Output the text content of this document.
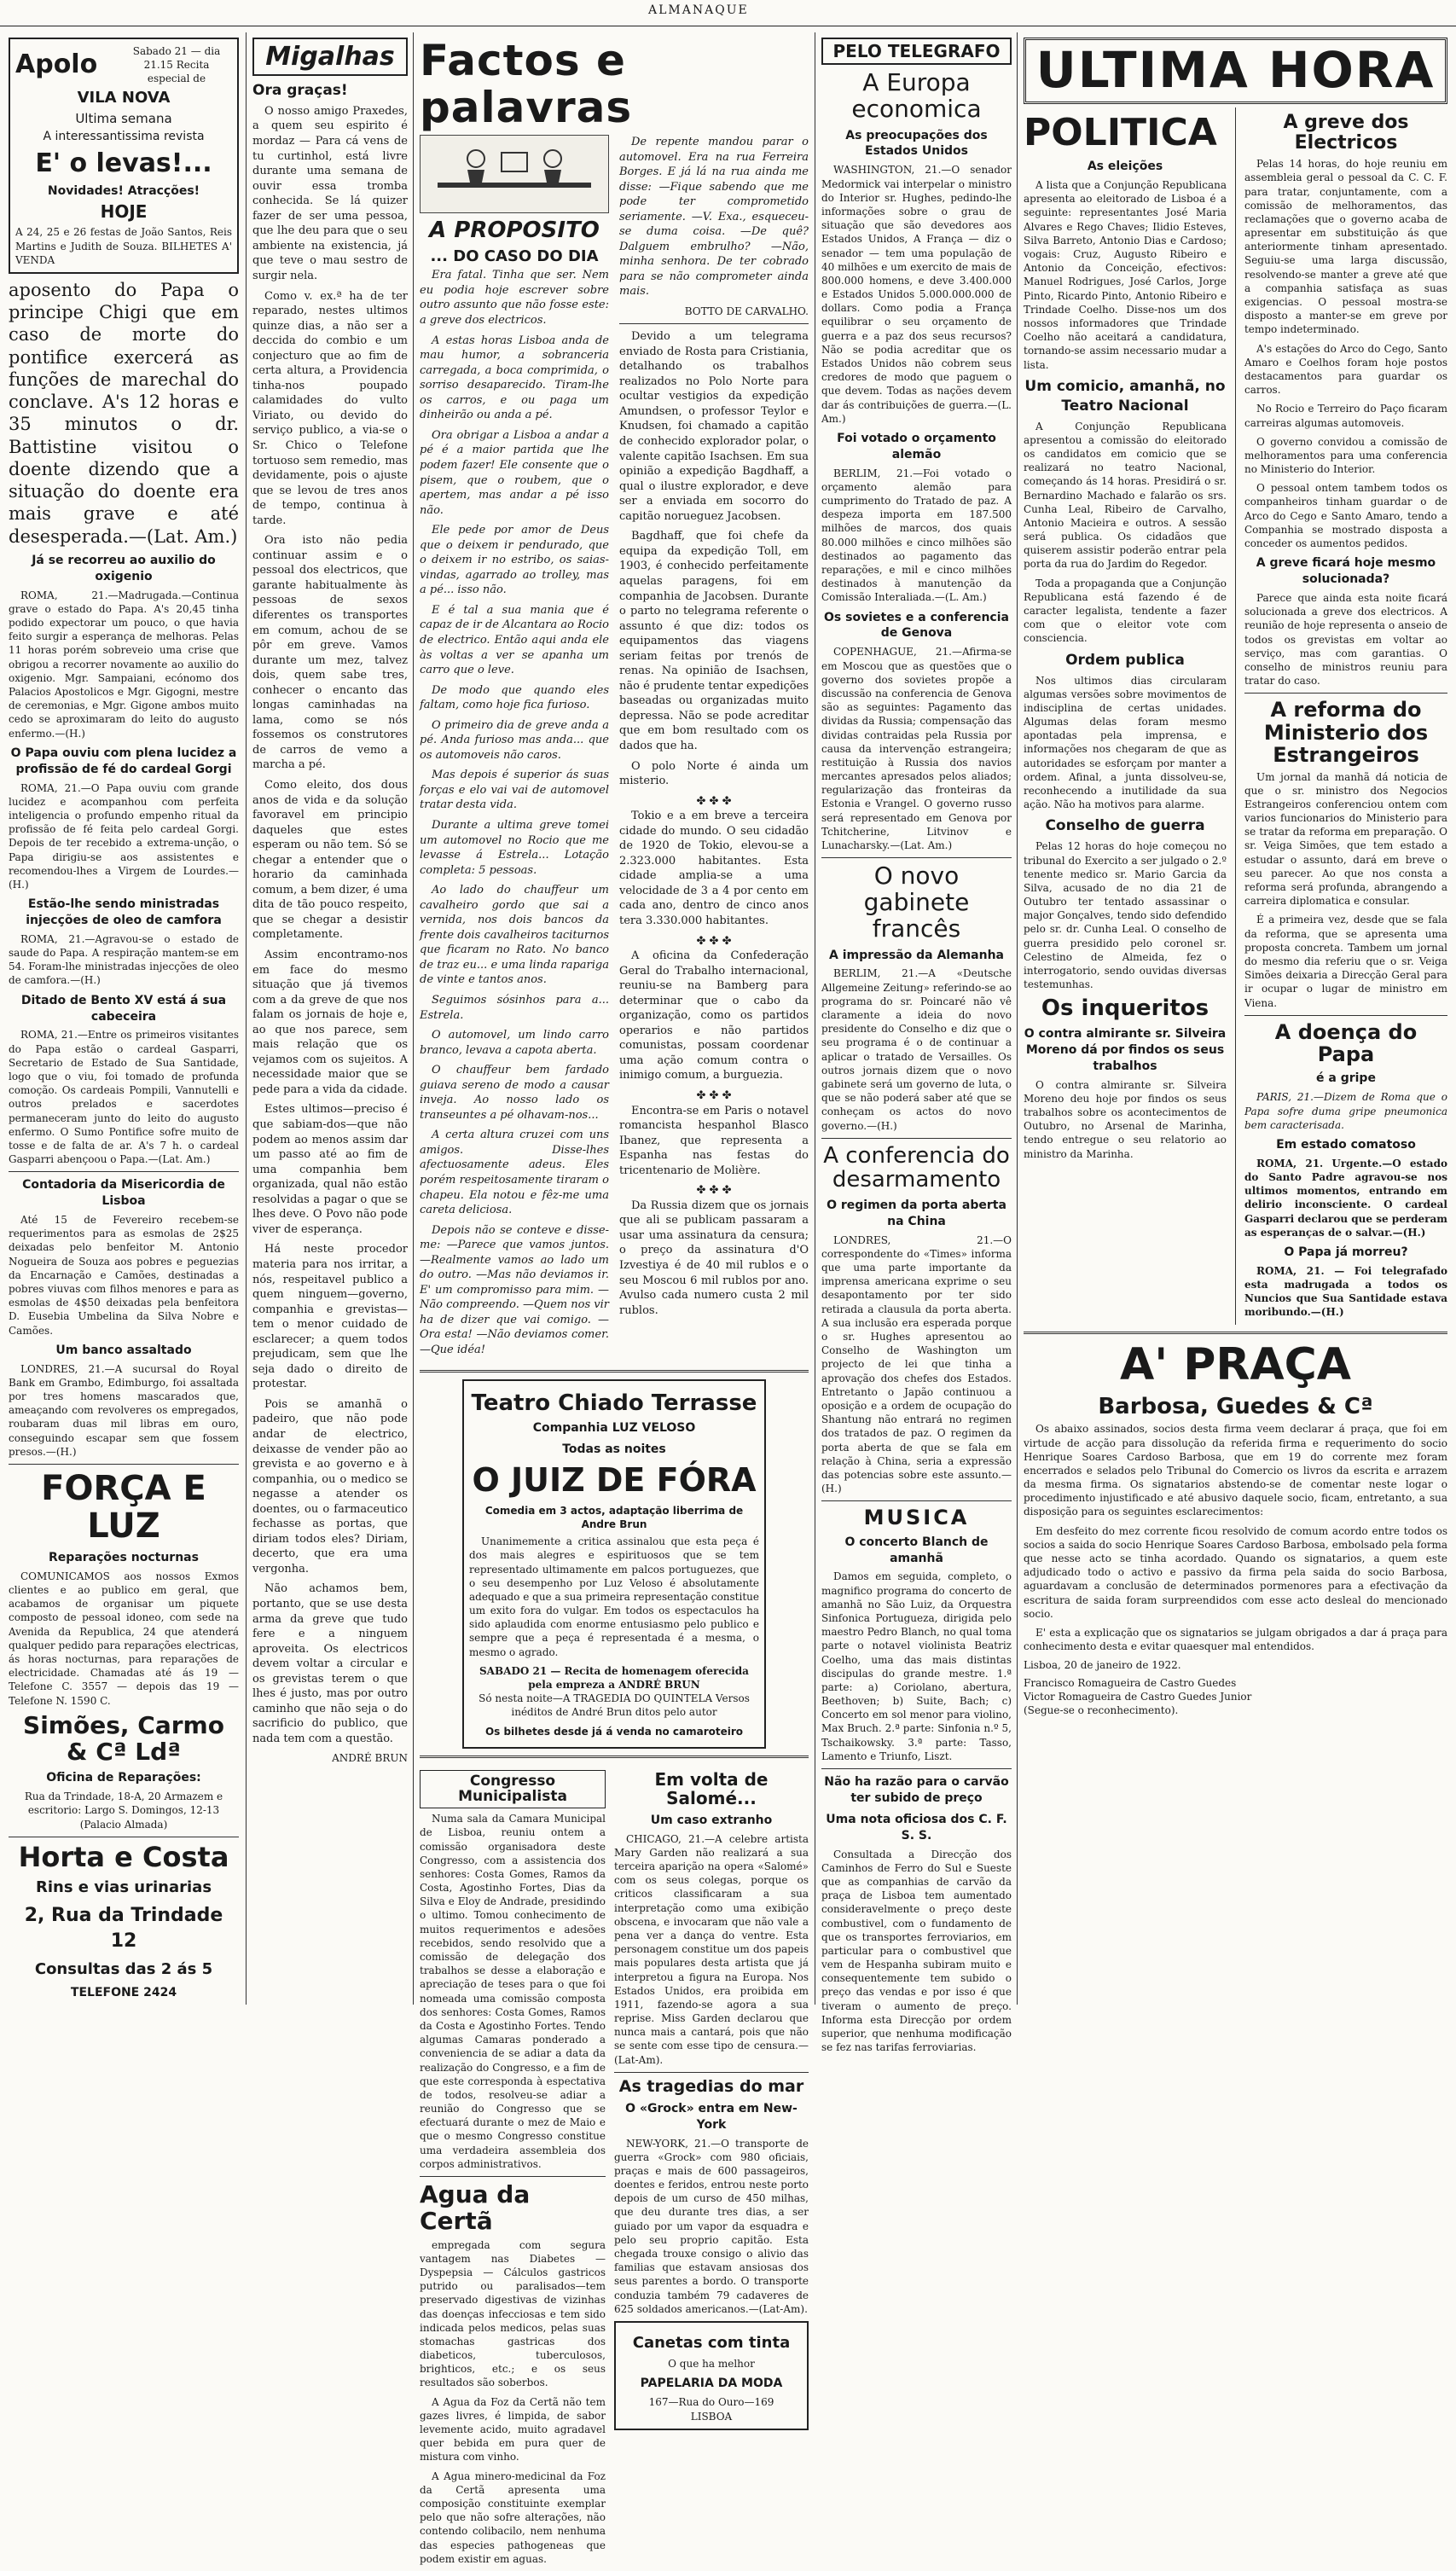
ALMANAQUE
Apolo	Sabado 21 — dia 21.15 Recita especial de
VILA NOVA
Ultima semana
A interessantissima revista
E' o levas!...
Novidades! Atracções!
HOJE
A 24, 25 e 26 festas de João Santos, Reis Martins e Judith de Souza. BILHETES A' VENDA

aposento do Papa o principe Chigi que em caso de morte do pontifice exercerá as funções de marechal do conclave. A's 12 horas e 35 minutos o dr. Battistine visitou o doente dizendo que a situação do doente era mais grave e até desesperada.—(Lat. Am.)

Já se recorreu ao auxilio do oxigenio

ROMA, 21.—Madrugada.—Continua grave o estado do Papa. A's 20,45 tinha podido expectorar um pouco, o que havia feito surgir a esperança de melhoras. Pelas 11 horas porém sobreveio uma crise que obrigou a recorrer novamente ao auxilio do oxigenio. Mgr. Sampaiani, ecónomo dos Palacios Apostolicos e Mgr. Gigogni, mestre de ceremonias, e Mgr. Gigone ambos muito cedo se aproximaram do leito do augusto enfermo.—(H.)

O Papa ouviu com plena lucidez a profissão de fé do cardeal Gorgi

ROMA, 21.—O Papa ouviu com grande lucidez e acompanhou com perfeita inteligencia o profundo empenho ritual da profissão de fé feita pelo cardeal Gorgi. Depois de ter recebido a extrema-unção, o Papa dirigiu-se aos assistentes e recomendou-lhes a Virgem de Lourdes.—(H.)

Estão-lhe sendo ministradas injecções de oleo de camfora

ROMA, 21.—Agravou-se o estado de saude do Papa. A respiração mantem-se em 54. Foram-lhe ministradas injecções de oleo de camfora.—(H.)

Ditado de Bento XV está á sua cabeceira

ROMA, 21.—Entre os primeiros visitantes do Papa estão o cardeal Gasparri, Secretario de Estado de Sua Santidade, logo que o viu, foi tomado de profunda comoção. Os cardeais Pompili, Vannutelli e outros prelados e sacerdotes permaneceram junto do leito do augusto enfermo. O Sumo Pontifice sofre muito de tosse e de falta de ar. A's 7 h. o cardeal Gasparri abençoou o Papa.—(Lat. Am.)

Contadoria da Misericordia de Lisboa

Até 15 de Fevereiro recebem-se requerimentos para as esmolas de 2$25 deixadas pelo benfeitor M. Antonio Nogueira de Souza aos pobres e peguezias da Encarnação e Camões, destinadas a pobres viuvas com filhos menores e para as esmolas de 4$50 deixadas pela benfeitora D. Eusebia Umbelina da Silva Nobre e Camões.

Um banco assaltado

LONDRES, 21.—A sucursal do Royal Bank em Grambo, Edimburgo, foi assaltada por tres homens mascarados que, ameaçando com revolveres os empregados, roubaram duas mil libras em ouro, conseguindo escapar sem que fossem presos.—(H.)

FORÇA E LUZ
Reparações nocturnas

COMUNICAMOS aos nossos Exmos clientes e ao publico em geral, que acabamos de organisar um piquete composto de pessoal idoneo, com sede na Avenida da Republica, 24 que atenderá qualquer pedido para reparações electricas, ás horas nocturnas, para reparações de electricidade. Chamadas até ás 19 — Telefone C. 3557 — depois das 19 — Telefone N. 1590 C.

Simões, Carmo & Cª Ldª
Oficina de Reparações:

Rua da Trindade, 18-A, 20 Armazem e escritorio: Largo S. Domingos, 12-13 (Palacio Almada)

Horta e Costa
Rins e vias urinarias
2, Rua da Trindade 12
Consultas das 2 ás 5
TELEFONE 2424
Migalhas
Ora graças!

O nosso amigo Praxedes, a quem seu espirito é mordaz — Para cá vens de tu curtinhol, está livre durante uma semana de ouvir essa tromba conhecida. Se lá quizer fazer de ser uma pessoa, que lhe deu para que o seu ambiente na existencia, já que teve o mau sestro de surgir nela.

Como v. ex.ª ha de ter reparado, nestes ultimos quinze dias, a não ser a deccida do combio e um conjecturo que ao fim de certa altura, a Providencia tinha-nos poupado calamidades do vulto Viriato, ou devido do serviço publico, a via-se o Sr. Chico o Telefone tortuoso sem remedio, mas devidamente, pois o ajuste que se levou de tres anos de tempo, continua à tarde.

Ora isto não pedia continuar assim e o pessoal dos electricos, que garante habitualmente às pessoas de sexos diferentes os transportes em comum, achou de se pôr em greve. Vamos durante um mez, talvez dois, quem sabe tres, conhecer o encanto das longas caminhadas na lama, como se nós fossemos os construtores de carros de vemo a marcha a pé.

Como eleito, dos dous anos de vida e da solução favoravel em principio daqueles que estes esperam ou não tem. Só se chegar a entender que o horario da caminhada comum, a bem dizer, é uma dita de tão pouco respeito, que se chegar a desistir completamente.

Assim encontramo-nos em face do mesmo situação que já tivemos com a da greve de que nos falam os jornais de hoje e, ao que nos parece, sem mais relação que os vejamos com os sujeitos. A necessidade maior que se pede para a vida da cidade.

Estes ultimos—preciso é que sabiam-dos—que não podem ao menos assim dar um passo até ao fim de uma companhia bem organizada, qual não estão resolvidas a pagar o que se lhes deve. O Povo não pode viver de esperança.

Há neste procedor materia para nos irritar, a nós, respeitavel publico a quem ninguem—governo, companhia e grevistas—tem o menor cuidado de esclarecer; a quem todos prejudicam, sem que lhe seja dado o direito de protestar.

Pois se amanhã o padeiro, que não pode andar de electrico, deixasse de vender pão ao grevista e ao governo e à companhia, ou o medico se negasse a atender os doentes, ou o farmaceutico fechasse as portas, que diriam todos eles? Diriam, decerto, que era uma vergonha.

Não achamos bem, portanto, que se use desta arma da greve que tudo fere e a ninguem aproveita. Os electricos devem voltar a circular e os grevistas terem o que lhes é justo, mas por outro caminho que não seja o do sacrificio do publico, que nada tem com a questão.

ANDRÉ BRUN
Factos e palavras
A PROPOSITO
... DO CASO DO DIA

Era fatal. Tinha que ser. Nem eu podia hoje escrever sobre outro assunto que não fosse este: a greve dos electricos.

A estas horas Lisboa anda de mau humor, a sobranceria carregada, a boca comprimida, o sorriso desaparecido. Tiram-lhe os carros, e ou paga um dinheirão ou anda a pé.

Ora obrigar a Lisboa a andar a pé é a maior partida que lhe podem fazer! Ele consente que o pisem, que o roubem, que o apertem, mas andar a pé isso não.

Ele pede por amor de Deus que o deixem ir pendurado, que o deixem ir no estribo, os saias-vindas, agarrado ao trolley, mas a pé... isso não.

E é tal a sua mania que é capaz de ir de Alcantara ao Rocio de electrico. Então aqui anda ele às voltas a ver se apanha um carro que o leve.

De modo que quando eles faltam, como hoje fica furioso.

O primeiro dia de greve anda a pé. Anda furioso mas anda... que os automoveis não caros.

Mas depois é superior ás suas forças e elo vai vai de automovel tratar desta vida.

Durante a ultima greve tomei um automovel no Rocio que me levasse á Estrela... Lotação completa: 5 pessoas.

Ao lado do chauffeur um cavalheiro gordo que sai a vernida, nos dois bancos da frente dois cavalheiros taciturnos que ficaram no Rato. No banco de traz eu... e uma linda rapariga de vinte e tantos anos.

Seguimos sósinhos para a... Estrela.

O automovel, um lindo carro branco, levava a capota aberta.

O chauffeur bem fardado guiava sereno de modo a causar inveja. Ao nosso lado os transeuntes a pé olhavam-nos...

A certa altura cruzei com uns amigos. Disse-lhes afectuosamente adeus. Eles porém respeitosamente tiraram o chapeu. Ela notou e fêz-me uma careta deliciosa.

Depois não se conteve e disse-me: —Parece que vamos juntos. —Realmente vamos ao lado um do outro. —Mas não deviamos ir. E' um compromisso para mim. —Não compreendo. —Quem nos vir ha de dizer que vai comigo. —Ora esta! —Não deviamos comer. —Que idéa!

De repente mandou parar o automovel. Era na rua Ferreira Borges. E já lá na rua ainda me disse: —Fique sabendo que me pode ter comprometido seriamente. —V. Exa., esqueceu-se duma coisa. —De quê? Dalguem embrulho? —Não, minha senhora. De ter cobrado para se não comprometer ainda mais.

BOTTO DE CARVALHO.

Devido a um telegrama enviado de Rosta para Cristiania, detalhando os trabalhos realizados no Polo Norte para ocultar vestigios da expedição Amundsen, o professor Teylor e Knudsen, foi chamado a capitão de conhecido explorador polar, o valente capitão Isachsen. Em sua opinião a expedição Bagdhaff, a qual o ilustre explorador, e deve ser a enviada em socorro do capitão norueguez Jacobsen.

Bagdhaff, que foi chefe da equipa da expedição Toll, em 1903, é conhecido perfeitamente aquelas paragens, foi em companhia de Jacobsen. Durante o parto no telegrama referente o assunto é que diz: todos os equipamentos das viagens seriam feitas por trenós de renas. Na opinião de Isachsen, não é prudente tentar expedições baseadas ou organizadas muito depressa. Não se pode acreditar que em bom resultado com os dados que ha.

O polo Norte é ainda um misterio.

✤ ✤ ✤

Tokio e a em breve a terceira cidade do mundo. O seu cidadão de 1920 de Tokio, elevou-se a 2.323.000 habitantes. Esta cidade amplia-se a uma velocidade de 3 a 4 por cento em cada ano, dentro de cinco anos tera 3.330.000 habitantes.

✤ ✤ ✤

A oficina da Confederação Geral do Trabalho internacional, reuniu-se na Bamberg para determinar que o cabo da organização, como os partidos operarios e não partidos comunistas, possam coordenar uma ação comum contra o inimigo comum, a burguezia.

✤ ✤ ✤

Encontra-se em Paris o notavel romancista hespanhol Blasco Ibanez, que representa a Espanha nas festas do tricentenario de Molière.

✤ ✤ ✤

Da Russia dizem que os jornais que ali se publicam passaram a usar uma assinatura da censura; o preço da assinatura d'O Izvestiya é de 40 mil rublos e o seu Moscou 6 mil rublos por ano. Avulso cada numero custa 2 mil rublos.

Teatro Chiado Terrasse
Companhia LUZ VELOSO
Todas as noites
O JUIZ DE FÓRA
Comedia em 3 actos, adaptação liberrima de Andre Brun

Unanimemente a critica assinalou que esta peça é dos mais alegres e espirituosos que se tem representado ultimamente em palcos portuguezes, que o seu desempenho por Luz Veloso é absolutamente adequado e que a sua primeira representação constitue um exito fora do vulgar. Em todos os espectaculos ha sido aplaudida com enorme entusiasmo pelo publico e sempre que a peça é representada é a mesma, o mesmo o agrado.

SABADO 21 — Recita de homenagem oferecida pela empreza a ANDRÉ BRUN
Só nesta noite—A TRAGEDIA DO QUINTELA Versos inéditos de André Brun ditos pelo autor
Os bilhetes desde já á venda no camaroteiro
Congresso Municipalista

Numa sala da Camara Municipal de Lisboa, reuniu ontem a comissão organisadora deste Congresso, com a assistencia dos senhores: Costa Gomes, Ramos da Costa, Agostinho Fortes, Dias da Silva e Eloy de Andrade, presidindo o ultimo. Tomou conhecimento de muitos requerimentos e adesões recebidos, sendo resolvido que a comissão de delegação dos trabalhos se desse a elaboração e apreciação de teses para o que foi nomeada uma comissão composta dos senhores: Costa Gomes, Ramos da Costa e Agostinho Fortes. Tendo algumas Camaras ponderado a conveniencia de se adiar a data da realização do Congresso, e a fim de que este corresponda à espectativa de todos, resolveu-se adiar a reunião do Congresso que se efectuará durante o mez de Maio e que o mesmo Congresso constitue uma verdadeira assembleia dos corpos administrativos.

Agua da Certã

empregada com segura vantagem nas Diabetes — Dyspepsia — Cálculos gastricos putrido ou paralisados—tem preservado digestivas de vizinhas das doenças infecciosas e tem sido indicada pelos medicos, pelas suas stomachas gastricas dos diabeticos, tuberculosos, brighticos, etc.; e os seus resultados são soberbos.

A Agua da Foz da Certã não tem gazes livres, é limpida, de sabor levemente acido, muito agradavel quer bebida em pura quer de mistura com vinho.

A Agua minero-medicinal da Foz da Certã apresenta uma composição constituinte exemplar pelo que não sofre alterações, não contendo colibacilo, nem nenhuma das especies pathogeneas que podem existir em aguas.

Em volta de Salomé...
Um caso extranho

CHICAGO, 21.—A celebre artista Mary Garden não realizará a sua terceira aparição na opera «Salomé» com os seus colegas, porque os criticos classificaram a sua interpretação como uma exibição obscena, e invocaram que não vale a pena ver a dança do ventre. Esta personagem constitue um dos papeis mais populares desta artista que já interpretou a figura na Europa. Nos Estados Unidos, era proibida em 1911, fazendo-se agora a sua reprise. Miss Garden declarou que nunca mais a cantará, pois que não se sente com esse tipo de censura.—(Lat-Am).

As tragedias do mar
O «Grock» entra em New-York

NEW-YORK, 21.—O transporte de guerra «Grock» com 980 oficiais, praças e mais de 600 passageiros, doentes e feridos, entrou neste porto depois de um curso de 450 milhas, que deu durante tres dias, a ser guiado por um vapor da esquadra e pelo seu proprio capitão. Esta chegada trouxe consigo o alivio das familias que estavam ansiosas dos seus parentes a bordo. O transporte conduzia também 79 cadaveres de 625 soldados americanos.—(Lat-Am).

Canetas com tinta
O que ha melhor
PAPELARIA DA MODA
167—Rua do Ouro—169
LISBOA
PELO TELEGRAFO
A Europa economica
As preocupações dos Estados Unidos

WASHINGTON, 21.—O senador Medormick vai interpelar o ministro do Interior sr. Hughes, pedindo-lhe informações sobre o grau de situação que são devedores aos Estados Unidos, A França — diz o senador — tem uma população de 40 milhões e um exercito de mais de 800.000 homens, e deve 3.400.000 e Estados Unidos 5.000.000.000 de dollars. Como podia a França equilibrar o seu orçamento de guerra e a paz dos seus recursos? Não se podia acreditar que os Estados Unidos não cobrem seus credores de modo que paguem o que devem. Todas as nações devem dar ás contribuições de guerra.—(L. Am.)

Foi votado o orçamento alemão

BERLIM, 21.—Foi votado o orçamento alemão para cumprimento do Tratado de paz. A despeza importa em 187.500 milhões de marcos, dos quais 80.000 milhões e cinco milhões são destinados ao pagamento das reparações, e mil e cinco milhões destinados à manutenção da Comissão Interaliada.—(L. Am.)

Os sovietes e a conferencia de Genova

COPENHAGUE, 21.—Afirma-se em Moscou que as questões que o governo dos sovietes propõe a discussão na conferencia de Genova são as seguintes: Pagamento das dividas da Russia; compensação das dividas contraidas pela Russia por causa da intervenção estrangeira; restituição à Russia dos navios mercantes apresados pelos aliados; regularização das fronteiras da Estonia e Vrangel. O governo russo será representado em Genova por Tchitcherine, Litvinov e Lunacharsky.—(Lat. Am.)

O novo gabinete francês
A impressão da Alemanha

BERLIM, 21.—A «Deutsche Allgemeine Zeitung» referindo-se ao programa do sr. Poincaré não vê claramente a ideia do novo presidente do Conselho e diz que o seu programa é o de continuar a aplicar o tratado de Versailles. Os outros jornais dizem que o novo gabinete será um governo de luta, o que se não poderá saber até que se conheçam os actos do novo governo.—(H.)

A conferencia do desarmamento
O regimen da porta aberta na China

LONDRES, 21.—O correspondente do «Times» informa que uma parte importante da imprensa americana exprime o seu desapontamento por ter sido retirada a clausula da porta aberta. A sua inclusão era esperada porque o sr. Hughes apresentou ao Conselho de Washington um projecto de lei que tinha a aprovação dos chefes dos Estados. Entretanto o Japão continuou a oposição e a ordem de ocupação do Shantung não entrará no regimen dos tratados de paz. O regimen da porta aberta de que se fala em relação à China, seria a expressão das potencias sobre este assunto.—(H.)

MUSICA
O concerto Blanch de amanhã

Damos em seguida, completo, o magnifico programa do concerto de amanhã no São Luiz, da Orquestra Sinfonica Portugueza, dirigida pelo maestro Pedro Blanch, no qual toma parte o notavel violinista Beatriz Coelho, uma das mais distintas discipulas do grande mestre. 1.ª parte: a) Coriolano, abertura, Beethoven; b) Suite, Bach; c) Concerto em sol menor para violino, Max Bruch. 2.ª parte: Sinfonia n.º 5, Tschaikowsky. 3.ª parte: Tasso, Lamento e Triunfo, Liszt.

Não ha razão para o carvão ter subido de preço
Uma nota oficiosa dos C. F. S. S.

Consultada a Direcção dos Caminhos de Ferro do Sul e Sueste que as companhias de carvão da praça de Lisboa tem aumentado consideravelmente o preço deste combustivel, com o fundamento de que os transportes ferroviarios, em particular para o combustivel que vem de Hespanha subiram muito e consequentemente tem subido o preço das vendas e por isso é que tiveram o aumento de preço. Informa esta Direcção por ordem superior, que nenhuma modificação se fez nas tarifas ferroviarias.

ULTIMA HORA
POLITICA
As eleições

A lista que a Conjunção Republicana apresenta ao eleitorado de Lisboa é a seguinte: representantes José Maria Alvares e Rego Chaves; Ilidio Esteves, Silva Barreto, Antonio Dias e Cardoso; vogais: Cruz, Augusto Ribeiro e Antonio da Conceição, efectivos: Manuel Rodrigues, José Carlos, Jorge Pinto, Ricardo Pinto, Antonio Ribeiro e Trindade Coelho. Disse-nos um dos nossos informadores que Trindade Coelho não aceitará a candidatura, tornando-se assim necessario mudar a lista.

Um comicio, amanhã, no Teatro Nacional

A Conjunção Republicana apresentou a comissão do eleitorado os candidatos em comicio que se realizará no teatro Nacional, começando ás 14 horas. Presidirá o sr. Bernardino Machado e falarão os srs. Cunha Leal, Ribeiro de Carvalho, Antonio Macieira e outros. A sessão será publica. Os cidadãos que quiserem assistir poderão entrar pela porta da rua do Jardim do Regedor.

Toda a propaganda que a Conjunção Republicana está fazendo é de caracter legalista, tendente a fazer com que o eleitor vote com consciencia.

Ordem publica

Nos ultimos dias circularam algumas versões sobre movimentos de indisciplina de certas unidades. Algumas delas foram mesmo apontadas pela imprensa, e informações nos chegaram de que as autoridades se esforçam por manter a ordem. Afinal, a junta dissolveu-se, reconhecendo a inutilidade da sua ação. Não ha motivos para alarme.

Conselho de guerra

Pelas 12 horas do hoje começou no tribunal do Exercito a ser julgado o 2.º tenente medico sr. Mario Garcia da Silva, acusado de no dia 21 de Outubro ter tentado assassinar o major Gonçalves, tendo sido defendido pelo sr. dr. Cunha Leal. O conselho de guerra presidido pelo coronel sr. Celestino de Almeida, fez o interrogatorio, sendo ouvidas diversas testemunhas.

Os inqueritos
O contra almirante sr. Silveira Moreno dá por findos os seus trabalhos

O contra almirante sr. Silveira Moreno deu hoje por findos os seus trabalhos sobre os acontecimentos de Outubro, no Arsenal de Marinha, tendo entregue o seu relatorio ao ministro da Marinha.

A greve dos Electricos

Pelas 14 horas, do hoje reuniu em assembleia geral o pessoal da C. C. F. para tratar, conjuntamente, com a comissão de melhoramentos, das reclamações que o governo acaba de apresentar em substituição ás que anteriormente tinham apresentado. Seguiu-se uma larga discussão, resolvendo-se manter a greve até que a companhia satisfaça as suas exigencias. O pessoal mostra-se disposto a manter-se em greve por tempo indeterminado.

A's estações do Arco do Cego, Santo Amaro e Coelhos foram hoje postos destacamentos para guardar os carros.

No Rocio e Terreiro do Paço ficaram carreiras algumas automoveis.

O governo convidou a comissão de melhoramentos para uma conferencia no Ministerio do Interior.

O pessoal ontem tambem todos os companheiros tinham guardar o de Arco do Cego e Santo Amaro, tendo a Companhia se mostrado disposta a conceder os aumentos pedidos.

A greve ficará hoje mesmo solucionada?

Parece que ainda esta noite ficará solucionada a greve dos electricos. A reunião de hoje representa o anseio de todos os grevistas em voltar ao serviço, mas com garantias. O conselho de ministros reuniu para tratar do caso.

A reforma do Ministerio dos Estrangeiros

Um jornal da manhã dá noticia de que o sr. ministro dos Negocios Estrangeiros conferenciou ontem com varios funcionarios do Ministerio para se tratar da reforma em preparação. O sr. Veiga Simões, que tem estado a estudar o assunto, dará em breve o seu parecer. Ao que nos consta a reforma será profunda, abrangendo a carreira diplomatica e consular.

É a primeira vez, desde que se fala da reforma, que se apresenta uma proposta concreta. Tambem um jornal do mesmo dia referiu que o sr. Veiga Simões deixaria a Direcção Geral para ir ocupar o lugar de ministro em Viena.

A doença do Papa
é a gripe

PARIS, 21.—Dizem de Roma que o Papa sofre duma gripe pneumonica bem caracterisada.

Em estado comatoso

ROMA, 21. Urgente.—O estado do Santo Padre agravou-se nos ultimos momentos, entrando em delirio inconsciente. O cardeal Gasparri declarou que se perderam as esperanças de o salvar.—(H.)

O Papa já morreu?

ROMA, 21. — Foi telegrafado esta madrugada a todos os Nuncios que Sua Santidade estava moribundo.—(H.)

A' PRAÇA
Barbosa, Guedes & Cª

Os abaixo assinados, socios desta firma veem declarar á praça, que foi em virtude de acção para dissolução da referida firma e requerimento do socio Henrique Soares Cardoso Barbosa, que em 19 do corrente mez foram encerrados e selados pelo Tribunal do Comercio os livros da escrita e arrazem da mesma firma. Os signatarios abstendo-se de comentar neste logar o procedimento injustificado e até abusivo daquele socio, ficam, entretanto, a sua disposição para os seguintes esclarecimentos:

Em desfeito do mez corrente ficou resolvido de comum acordo entre todos os socios a saida do socio Henrique Soares Cardoso Barbosa, embolsado pela forma que nesse acto se tinha acordado. Quando os signatarios, a quem este adjudicado todo o activo e passivo da firma pela saida do socio Barbosa, aguardavam a conclusão de determinados pormenores para a efectivação da escritura de saida foram surpreendidos com esse acto desleal do mencionado socio.

E' esta a explicação que os signatarios se julgam obrigados a dar á praça para conhecimento desta e evitar quaesquer mal entendidos.

Lisboa, 20 de janeiro de 1922.
Francisco Romagueira de Castro Guedes
Victor Romagueira de Castro Guedes Junior
(Segue-se o reconhecimento).
